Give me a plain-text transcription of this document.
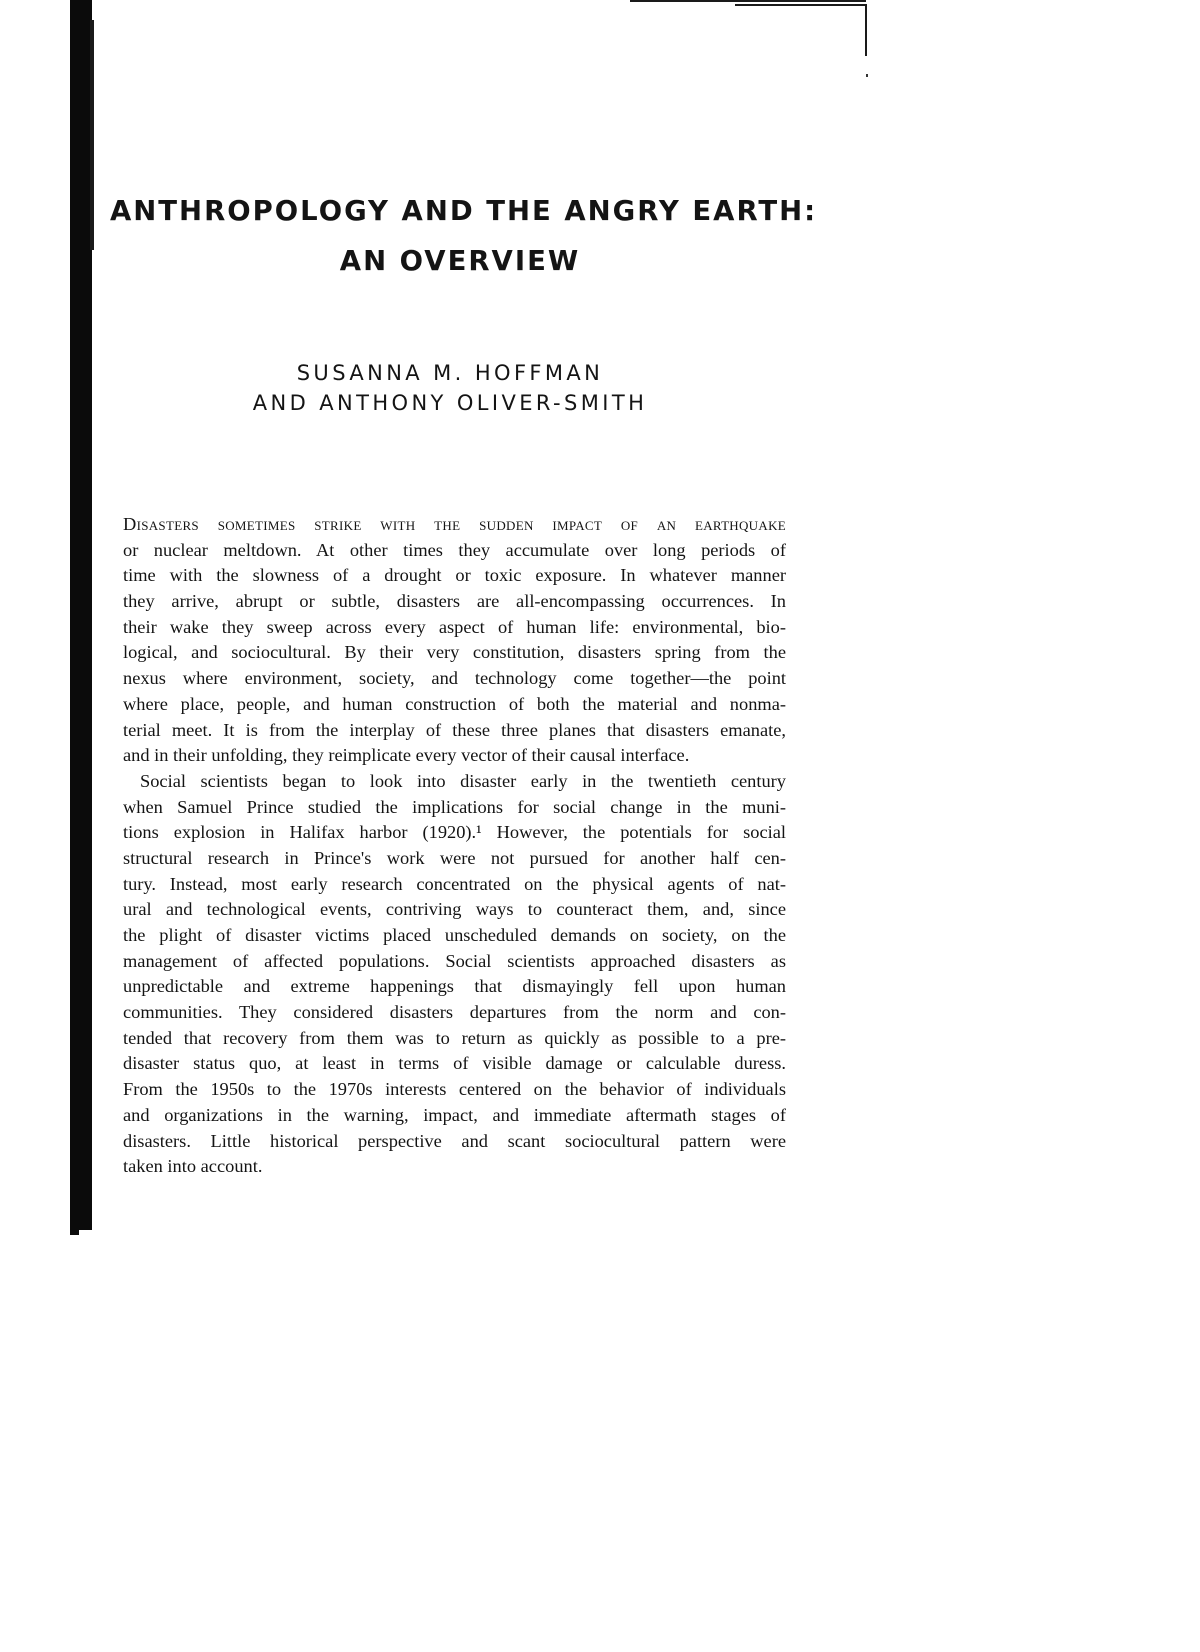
ANTHROPOLOGY AND THE ANGRY EARTH:
AN OVERVIEW
SUSANNA M. HOFFMAN
AND ANTHONY OLIVER-SMITH
Disasters sometimes strike with the sudden impact of an earthquake
or nuclear meltdown. At other times they accumulate over long periods of
time with the slowness of a drought or toxic exposure. In whatever manner
they arrive, abrupt or subtle, disasters are all-encompassing occurrences. In
their wake they sweep across every aspect of human life: environmental, bio-
logical, and sociocultural. By their very constitution, disasters spring from the
nexus where environment, society, and technology come together—the point
where place, people, and human construction of both the material and nonma-
terial meet. It is from the interplay of these three planes that disasters emanate,
and in their unfolding, they reimplicate every vector of their causal interface.
Social scientists began to look into disaster early in the twentieth century
when Samuel Prince studied the implications for social change in the muni-
tions explosion in Halifax harbor (1920).¹ However, the potentials for social
structural research in Prince's work were not pursued for another half cen-
tury. Instead, most early research concentrated on the physical agents of nat-
ural and technological events, contriving ways to counteract them, and, since
the plight of disaster victims placed unscheduled demands on society, on the
management of affected populations. Social scientists approached disasters as
unpredictable and extreme happenings that dismayingly fell upon human
communities. They considered disasters departures from the norm and con-
tended that recovery from them was to return as quickly as possible to a pre-
disaster status quo, at least in terms of visible damage or calculable duress.
From the 1950s to the 1970s interests centered on the behavior of individuals
and organizations in the warning, impact, and immediate aftermath stages of
disasters. Little historical perspective and scant sociocultural pattern were
taken into account.
